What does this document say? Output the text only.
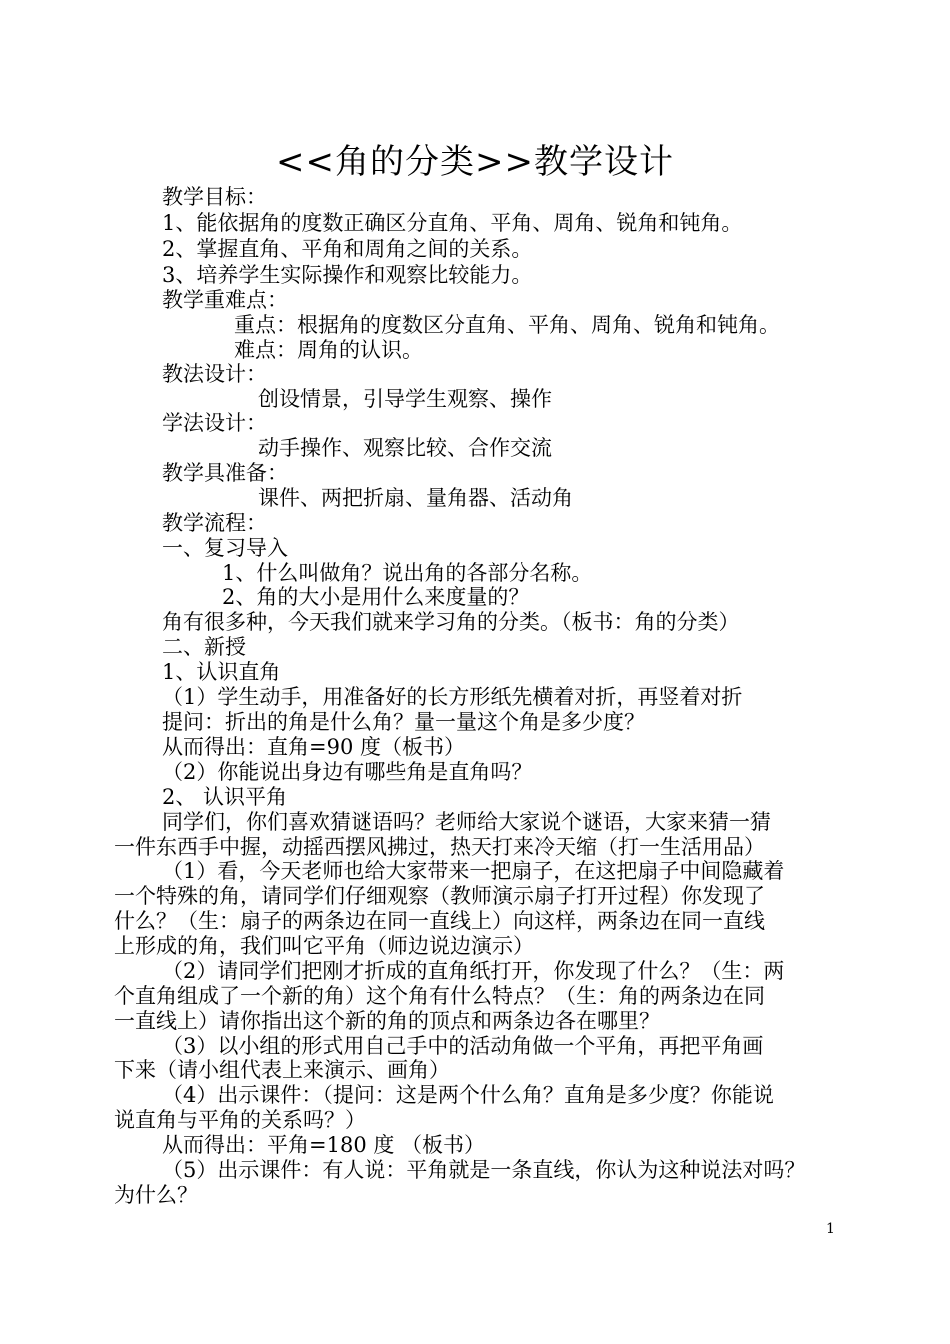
<<角的分类>>教学设计
教学目标：
1、能依据角的度数正确区分直角、平角、周角、锐角和钝角。
2、掌握直角、平角和周角之间的关系。
3、培养学生实际操作和观察比较能力。
教学重难点：
重点：根据角的度数区分直角、平角、周角、锐角和钝角。
难点：周角的认识。
教法设计：
创设情景，引导学生观察、操作
学法设计：
动手操作、观察比较、合作交流
教学具准备：
课件、两把折扇、量角器、活动角
教学流程：
一、复习导入
1、什么叫做角？说出角的各部分名称。
2、角的大小是用什么来度量的？
角有很多种，今天我们就来学习角的分类。（板书：角的分类）
二、新授
1、认识直角
（1）学生动手，用准备好的长方形纸先横着对折，再竖着对折
提问：折出的角是什么角？量一量这个角是多少度？
从而得出：直角=90 度（板书）
（2）你能说出身边有哪些角是直角吗？
2、 认识平角
同学们，你们喜欢猜谜语吗？老师给大家说个谜语，大家来猜一猜
一件东西手中握，动摇西摆风拂过，热天打来冷天缩（打一生活用品）
（1）看，今天老师也给大家带来一把扇子，在这把扇子中间隐藏着
一个特殊的角，请同学们仔细观察（教师演示扇子打开过程）你发现了
什么？（生：扇子的两条边在同一直线上）向这样，两条边在同一直线
上形成的角，我们叫它平角（师边说边演示）
（2）请同学们把刚才折成的直角纸打开，你发现了什么？（生：两
个直角组成了一个新的角）这个角有什么特点？（生：角的两条边在同
一直线上）请你指出这个新的角的顶点和两条边各在哪里？
（3）以小组的形式用自己手中的活动角做一个平角，再把平角画
下来（请小组代表上来演示、画角）
（4）出示课件：（提问：这是两个什么角？直角是多少度？你能说
说直角与平角的关系吗？）
从而得出：平角=180 度 （板书）
（5）出示课件：有人说：平角就是一条直线，你认为这种说法对吗？
为什么？
1
